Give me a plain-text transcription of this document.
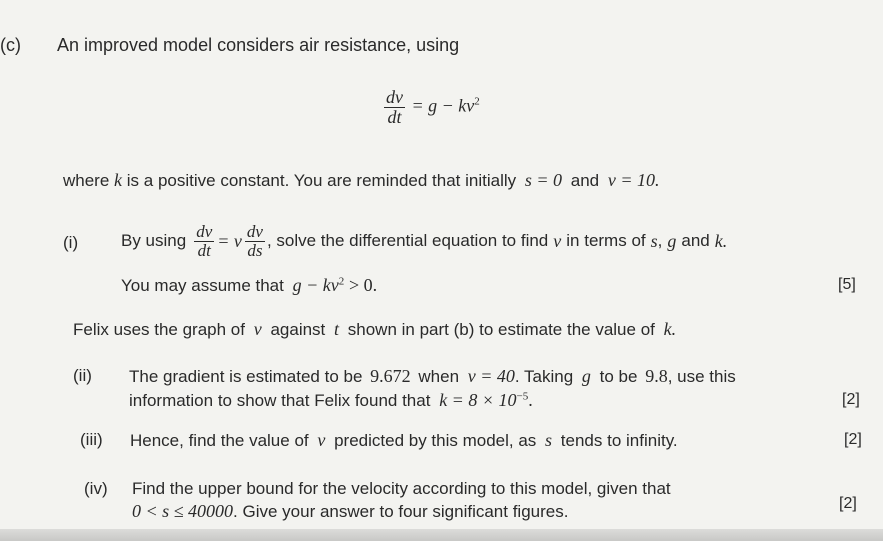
(c) An improved model considers air resistance, using
$\frac{dv}{dt} = g - kv^2$
where k is a positive constant. You are reminded that initially s = 0 and v = 10.
(i)	By using $\frac{dv}{dt} = v \frac{dv}{ds}$ , solve the differential equation to find v in terms of s , g and k.
You may assume that $g - kv^2 > 0$.	[5]
Felix uses the graph of v against t shown in part (b) to estimate the value of k.
(ii) The gradient is estimated to be 9.672 when v = 40. Taking g to be 9.8, use this
information to show that Felix found that $k = 8 \times 10^{-5}$.	[2]
(iii) Hence, find the value of v predicted by this model, as s tends to infinity.	[2]
(iv) Find the upper bound for the velocity according to this model, given that
0 < s ≤ 40000. Give your answer to four significant figures.	[2]
